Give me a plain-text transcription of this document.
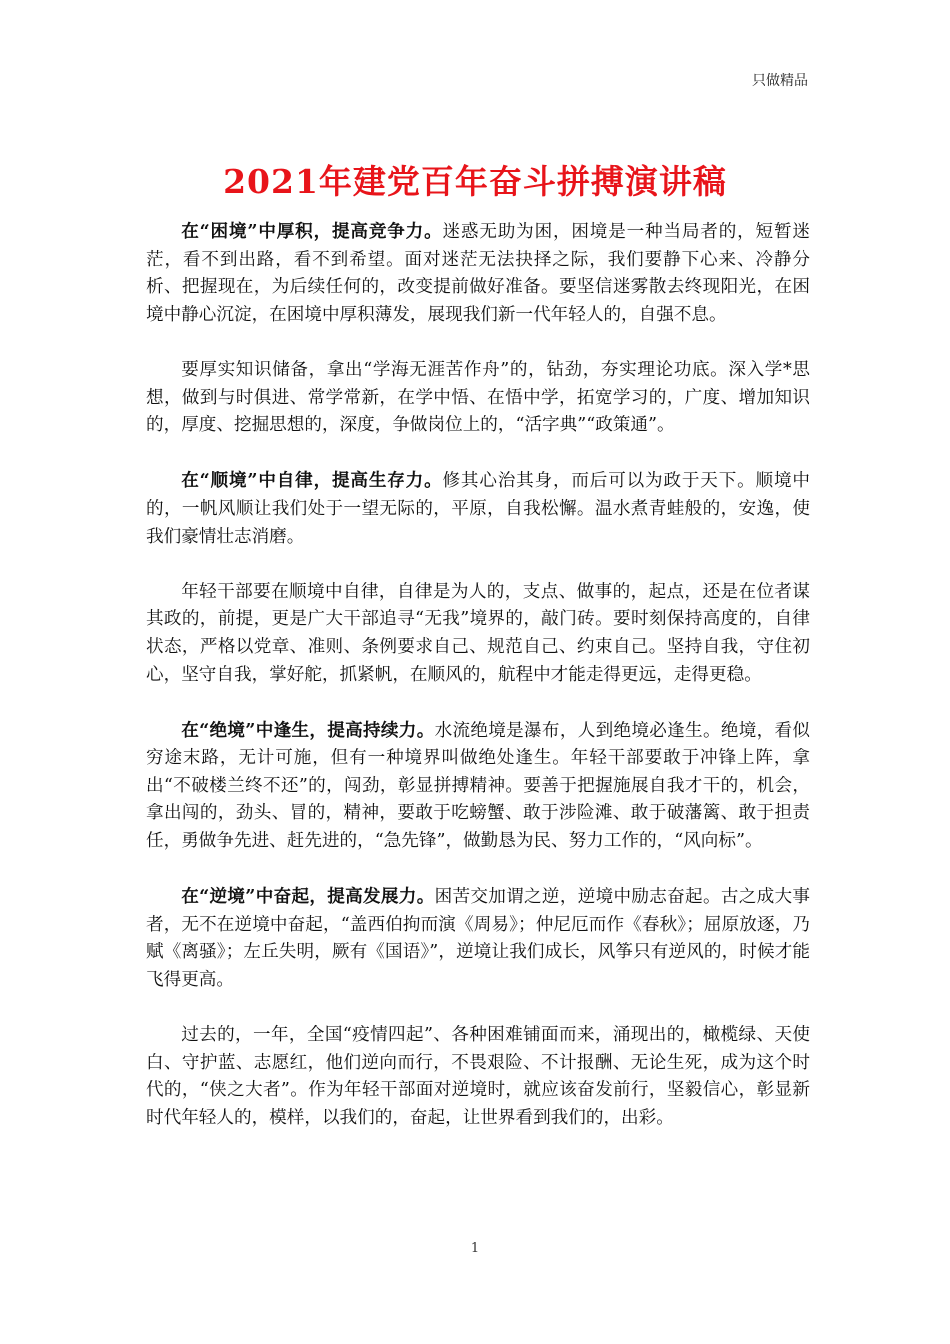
只做精品
2021年建党百年奋斗拼搏演讲稿

在“困境”中厚积，提高竞争力。迷惑无助为困，困境是一种当局者的，短暂迷茫，看不到出路，看不到希望。面对迷茫无法抉择之际，我们要静下心来、冷静分析、把握现在，为后续任何的，改变提前做好准备。要坚信迷雾散去终现阳光，在困境中静心沉淀，在困境中厚积薄发，展现我们新一代年轻人的，自强不息。

要厚实知识储备，拿出“学海无涯苦作舟”的，钻劲，夯实理论功底。深入学*思想，做到与时俱进、常学常新，在学中悟、在悟中学，拓宽学习的，广度、增加知识的，厚度、挖掘思想的，深度，争做岗位上的，“活字典”“政策通”。

在“顺境”中自律，提高生存力。修其心治其身，而后可以为政于天下。顺境中的，一帆风顺让我们处于一望无际的，平原，自我松懈。温水煮青蛙般的，安逸，使我们豪情壮志消磨。

年轻干部要在顺境中自律，自律是为人的，支点、做事的，起点，还是在位者谋其政的，前提，更是广大干部追寻“无我”境界的，敲门砖。要时刻保持高度的，自律状态，严格以党章、准则、条例要求自己、规范自己、约束自己。坚持自我，守住初心，坚守自我，掌好舵，抓紧帆，在顺风的，航程中才能走得更远，走得更稳。

在“绝境”中逢生，提高持续力。水流绝境是瀑布，人到绝境必逢生。绝境，看似穷途末路，无计可施，但有一种境界叫做绝处逢生。年轻干部要敢于冲锋上阵，拿出“不破楼兰终不还”的，闯劲，彰显拼搏精神。要善于把握施展自我才干的，机会，拿出闯的，劲头、冒的，精神，要敢于吃螃蟹、敢于涉险滩、敢于破藩篱、敢于担责任，勇做争先进、赶先进的，“急先锋”，做勤恳为民、努力工作的，“风向标”。

在“逆境”中奋起，提高发展力。困苦交加谓之逆，逆境中励志奋起。古之成大事者，无不在逆境中奋起，“盖西伯拘而演《周易》；仲尼厄而作《春秋》；屈原放逐，乃赋《离骚》；左丘失明，厥有《国语》”，逆境让我们成长，风筝只有逆风的，时候才能飞得更高。

过去的，一年，全国“疫情四起”、各种困难铺面而来，涌现出的，橄榄绿、天使白、守护蓝、志愿红，他们逆向而行，不畏艰险、不计报酬、无论生死，成为这个时代的，“侠之大者”。作为年轻干部面对逆境时，就应该奋发前行，坚毅信心，彰显新时代年轻人的，模样，以我们的，奋起，让世界看到我们的，出彩。

1
